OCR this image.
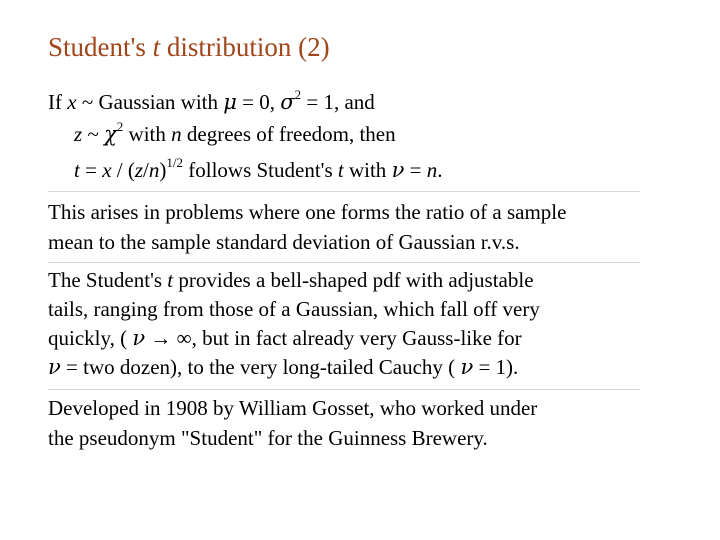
Student's t distribution (2)
If x ~ Gaussian with μ = 0, $\sigma^2 = 1$, and
z ~ $\chi^2$ with n degrees of freedom, then
$t = x / (z/n)^{1/2}$ follows Student's t with ν = n.
This arises in problems where one forms the ratio of a sample
mean to the sample standard deviation of Gaussian r.v.s.
The Student's t provides a bell-shaped pdf with adjustable
tails, ranging from those of a Gaussian, which fall off very
quickly, ( ν → ∞, but in fact already very Gauss-like for
ν = two dozen), to the very long-tailed Cauchy ( ν = 1).
Developed in 1908 by William Gosset, who worked under
the pseudonym "Student" for the Guinness Brewery.
